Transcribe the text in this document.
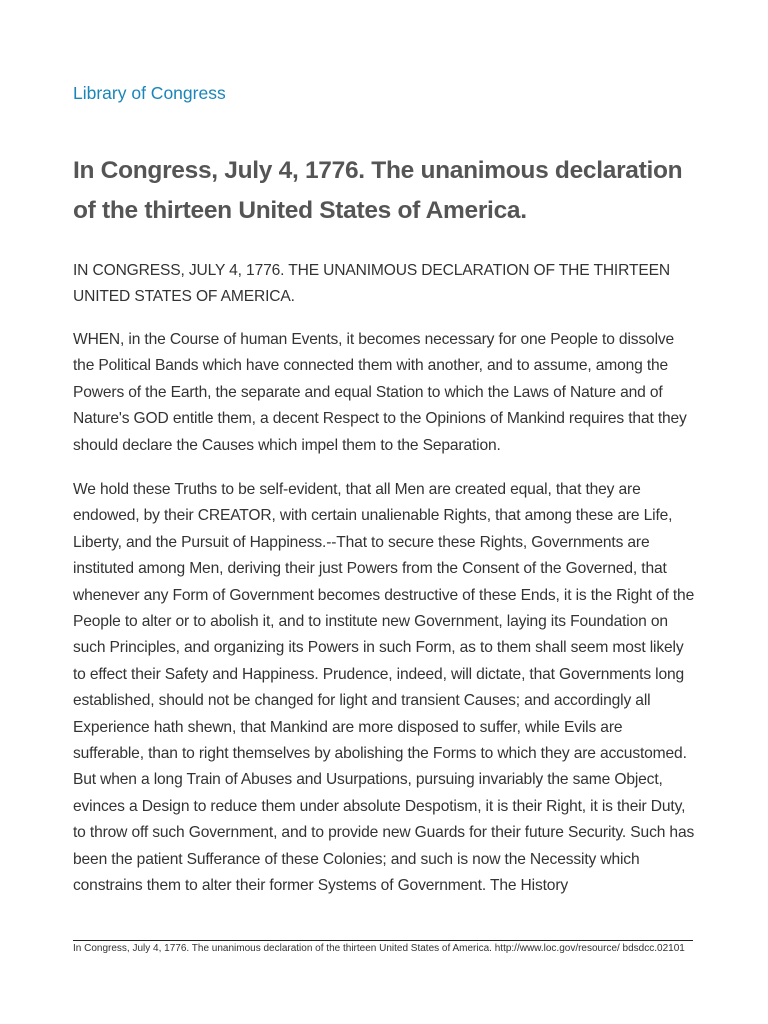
Library of Congress
In Congress, July 4, 1776. The unanimous declaration of the thirteen United States of America.

IN CONGRESS, JULY 4, 1776. THE UNANIMOUS DECLARATION OF THE THIRTEEN UNITED STATES OF AMERICA.

WHEN, in the Course of human Events, it becomes necessary for one People to dissolve the Political Bands which have connected them with another, and to assume, among the Powers of the Earth, the separate and equal Station to which the Laws of Nature and of Nature's GOD entitle them, a decent Respect to the Opinions of Mankind requires that they should declare the Causes which impel them to the Separation.

We hold these Truths to be self-evident, that all Men are created equal, that they are endowed, by their CREATOR, with certain unalienable Rights, that among these are Life, Liberty, and the Pursuit of Happiness.--That to secure these Rights, Governments are instituted among Men, deriving their just Powers from the Consent of the Governed, that whenever any Form of Government becomes destructive of these Ends, it is the Right of the People to alter or to abolish it, and to institute new Government, laying its Foundation on such Principles, and organizing its Powers in such Form, as to them shall seem most likely to effect their Safety and Happiness. Prudence, indeed, will dictate, that Governments long established, should not be changed for light and transient Causes; and accordingly all Experience hath shewn, that Mankind are more disposed to suffer, while Evils are sufferable, than to right themselves by abolishing the Forms to which they are accustomed. But when a long Train of Abuses and Usurpations, pursuing invariably the same Object, evinces a Design to reduce them under absolute Despotism, it is their Right, it is their Duty, to throw off such Government, and to provide new Guards for their future Security. Such has been the patient Sufferance of these Colonies; and such is now the Necessity which constrains them to alter their former Systems of Government. The History

In Congress, July 4, 1776. The unanimous declaration of the thirteen United States of America. http://www.loc.gov/resource/ bdsdcc.02101
